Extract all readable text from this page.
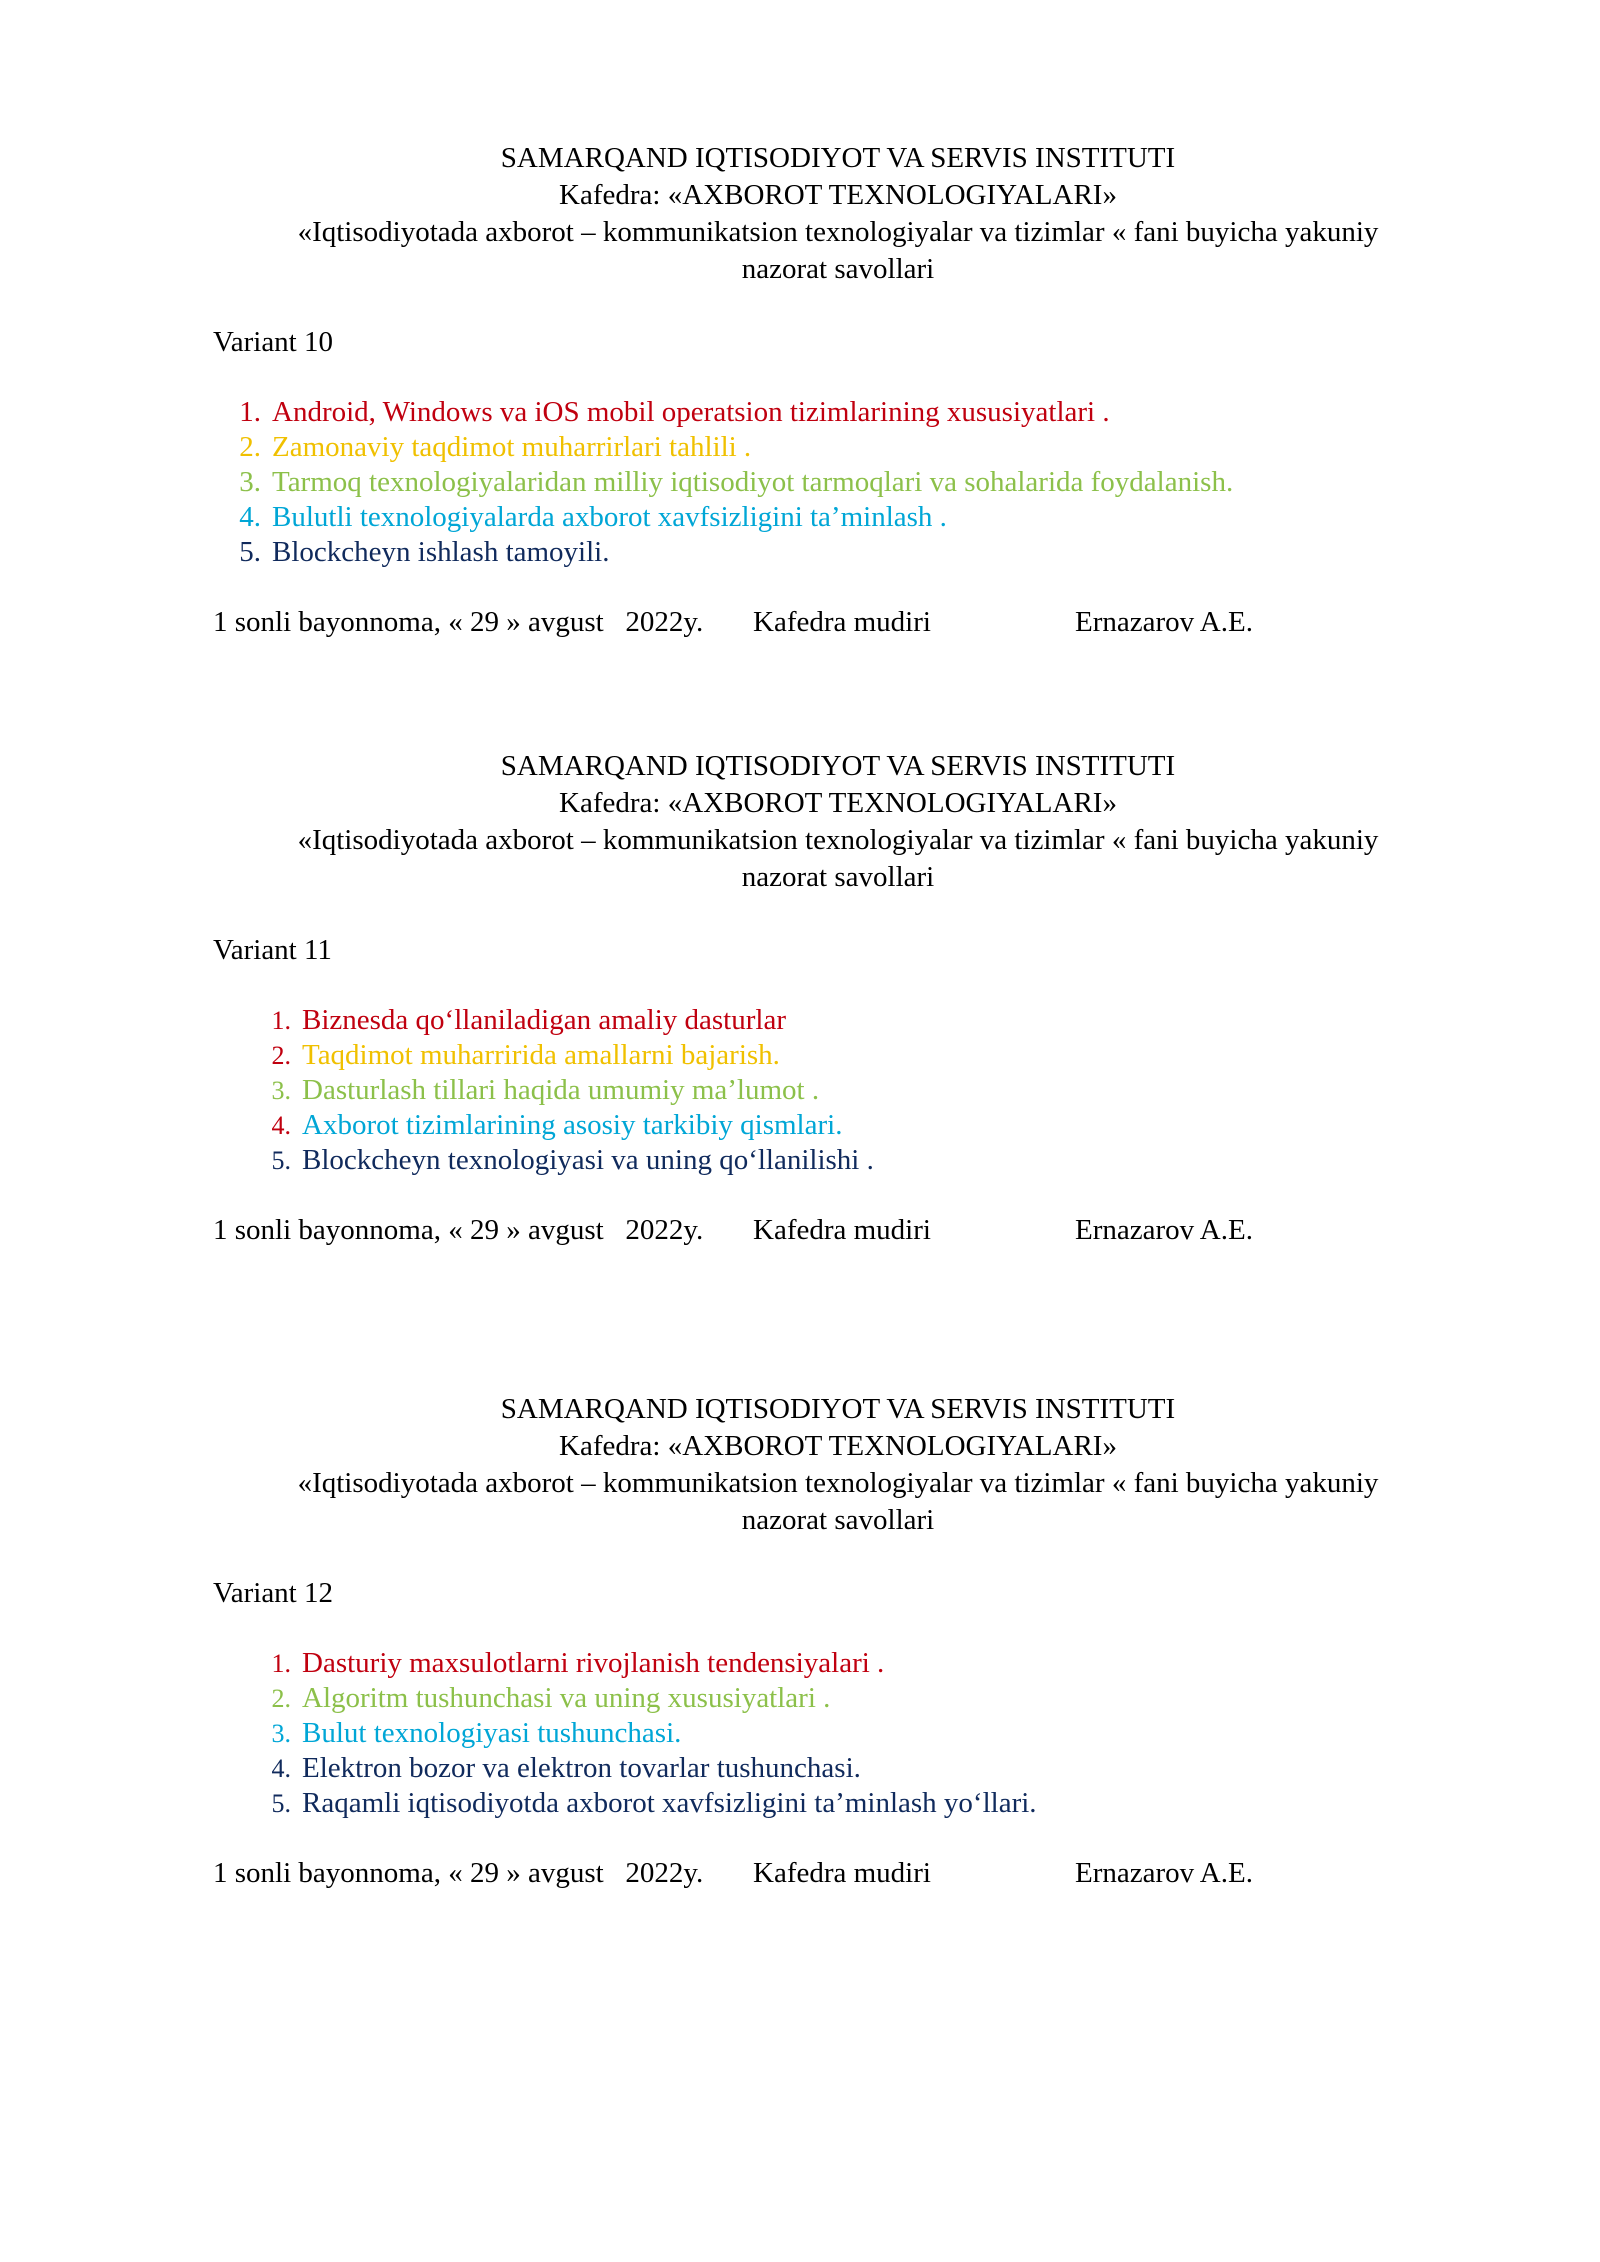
SAMARQAND IQTISODIYOT VA SERVIS INSTITUTI
Kafedra: «AXBOROT TEXNOLOGIYALARI»
«Iqtisodiyotada axborot – kommunikatsion texnologiyalar va tizimlar « fani buyicha yakuniy
nazorat savollari
Variant 10
1. Android, Windows va iOS mobil operatsion tizimlarining xususiyatlari .
2. Zamonaviy taqdimot muharrirlari tahlili .
3. Tarmoq texnologiyalaridan milliy iqtisodiyot tarmoqlari va sohalarida foydalanish.
4. Bulutli texnologiyalarda axborot xavfsizligini ta’minlash .
5. Blockcheyn ishlash tamoyili.
1 sonli bayonnoma, « 29 » avgust   2022y. Kafedra mudiri	Ernazarov A.E.
SAMARQAND IQTISODIYOT VA SERVIS INSTITUTI
Kafedra: «AXBOROT TEXNOLOGIYALARI»
«Iqtisodiyotada axborot – kommunikatsion texnologiyalar va tizimlar « fani buyicha yakuniy
nazorat savollari
Variant 11
1. Biznesda qo‘llaniladigan amaliy dasturlar
2. Taqdimot muharririda amallarni bajarish.
3. Dasturlash tillari haqida umumiy ma’lumot .
4. Axborot tizimlarining asosiy tarkibiy qismlari.
5. Blockcheyn texnologiyasi va uning qo‘llanilishi .
1 sonli bayonnoma, « 29 » avgust   2022y. Kafedra mudiri	Ernazarov A.E.
SAMARQAND IQTISODIYOT VA SERVIS INSTITUTI
Kafedra: «AXBOROT TEXNOLOGIYALARI»
«Iqtisodiyotada axborot – kommunikatsion texnologiyalar va tizimlar « fani buyicha yakuniy
nazorat savollari
Variant 12
1. Dasturiy maxsulotlarni rivojlanish tendensiyalari .
2. Algoritm tushunchasi va uning xususiyatlari .
3. Bulut texnologiyasi tushunchasi.
4. Elektron bozor va elektron tovarlar tushunchasi.
5. Raqamli iqtisodiyotda axborot xavfsizligini ta’minlash yo‘llari.
1 sonli bayonnoma, « 29 » avgust   2022y. Kafedra mudiri	Ernazarov A.E.
